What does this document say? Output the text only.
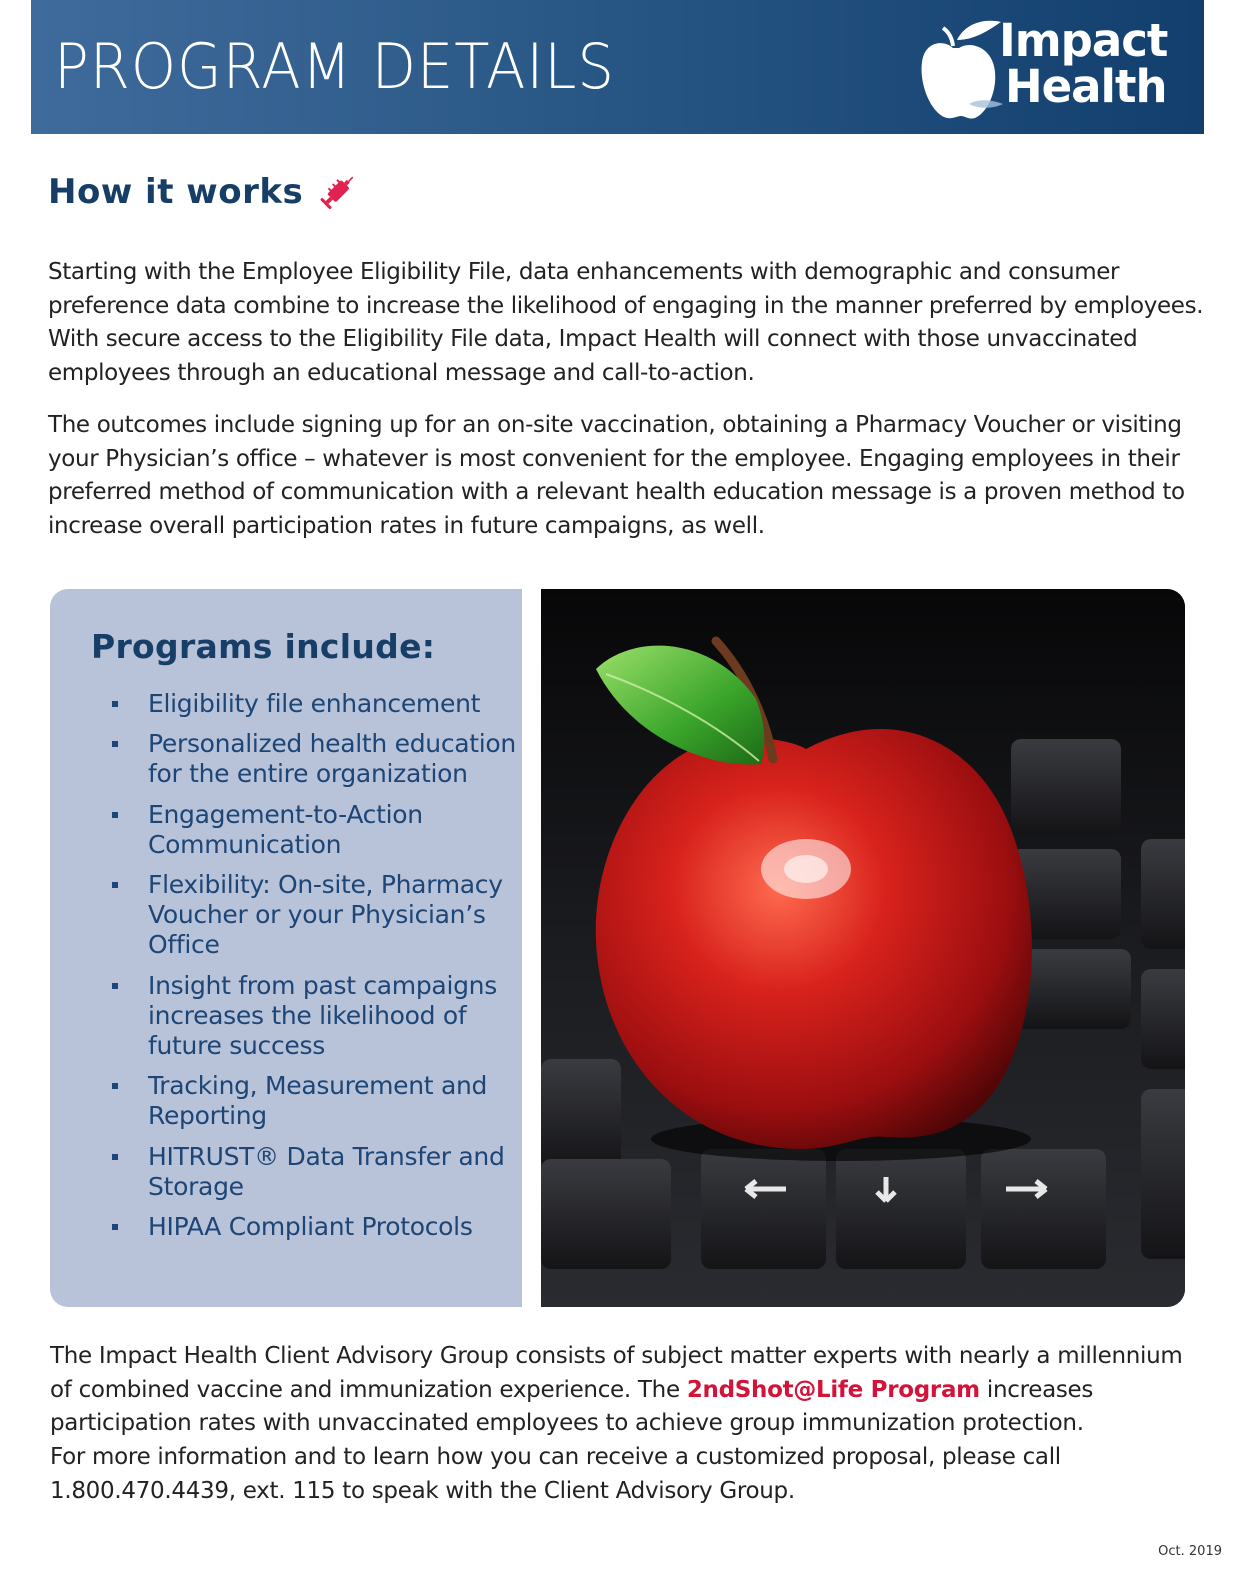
PROGRAM DETAILS	Impact
Health
How it works

Starting with the Employee Eligibility File, data enhancements with demographic and consumer preference data combine to increase the likelihood of engaging in the manner preferred by employees. With secure access to the Eligibility File data, Impact Health will connect with those unvaccinated employees through an educational message and call-to-action.

The outcomes include signing up for an on-site vaccination, obtaining a Pharmacy Voucher or visiting your Physician’s office – whatever is most convenient for the employee. Engaging employees in their preferred method of communication with a relevant health education message is a proven method to increase overall participation rates in future campaigns, as well.

Programs include:
Eligibility file enhancement
Personalized health education for the entire organization
Engagement-to-Action Communication
Flexibility: On-site, Pharmacy Voucher or your Physician’s Office
Insight from past campaigns increases the likelihood of future success
Tracking, Measurement and Reporting
HITRUST® Data Transfer and Storage
HIPAA Compliant Protocols

The Impact Health Client Advisory Group consists of subject matter experts with nearly a millennium of combined vaccine and immunization experience. The 2ndShot@Life Program increases participation rates with unvaccinated employees to achieve group immunization protection.
For more information and to learn how you can receive a customized proposal, please call 1.800.470.4439, ext. 115 to speak with the Client Advisory Group.

Oct. 2019
